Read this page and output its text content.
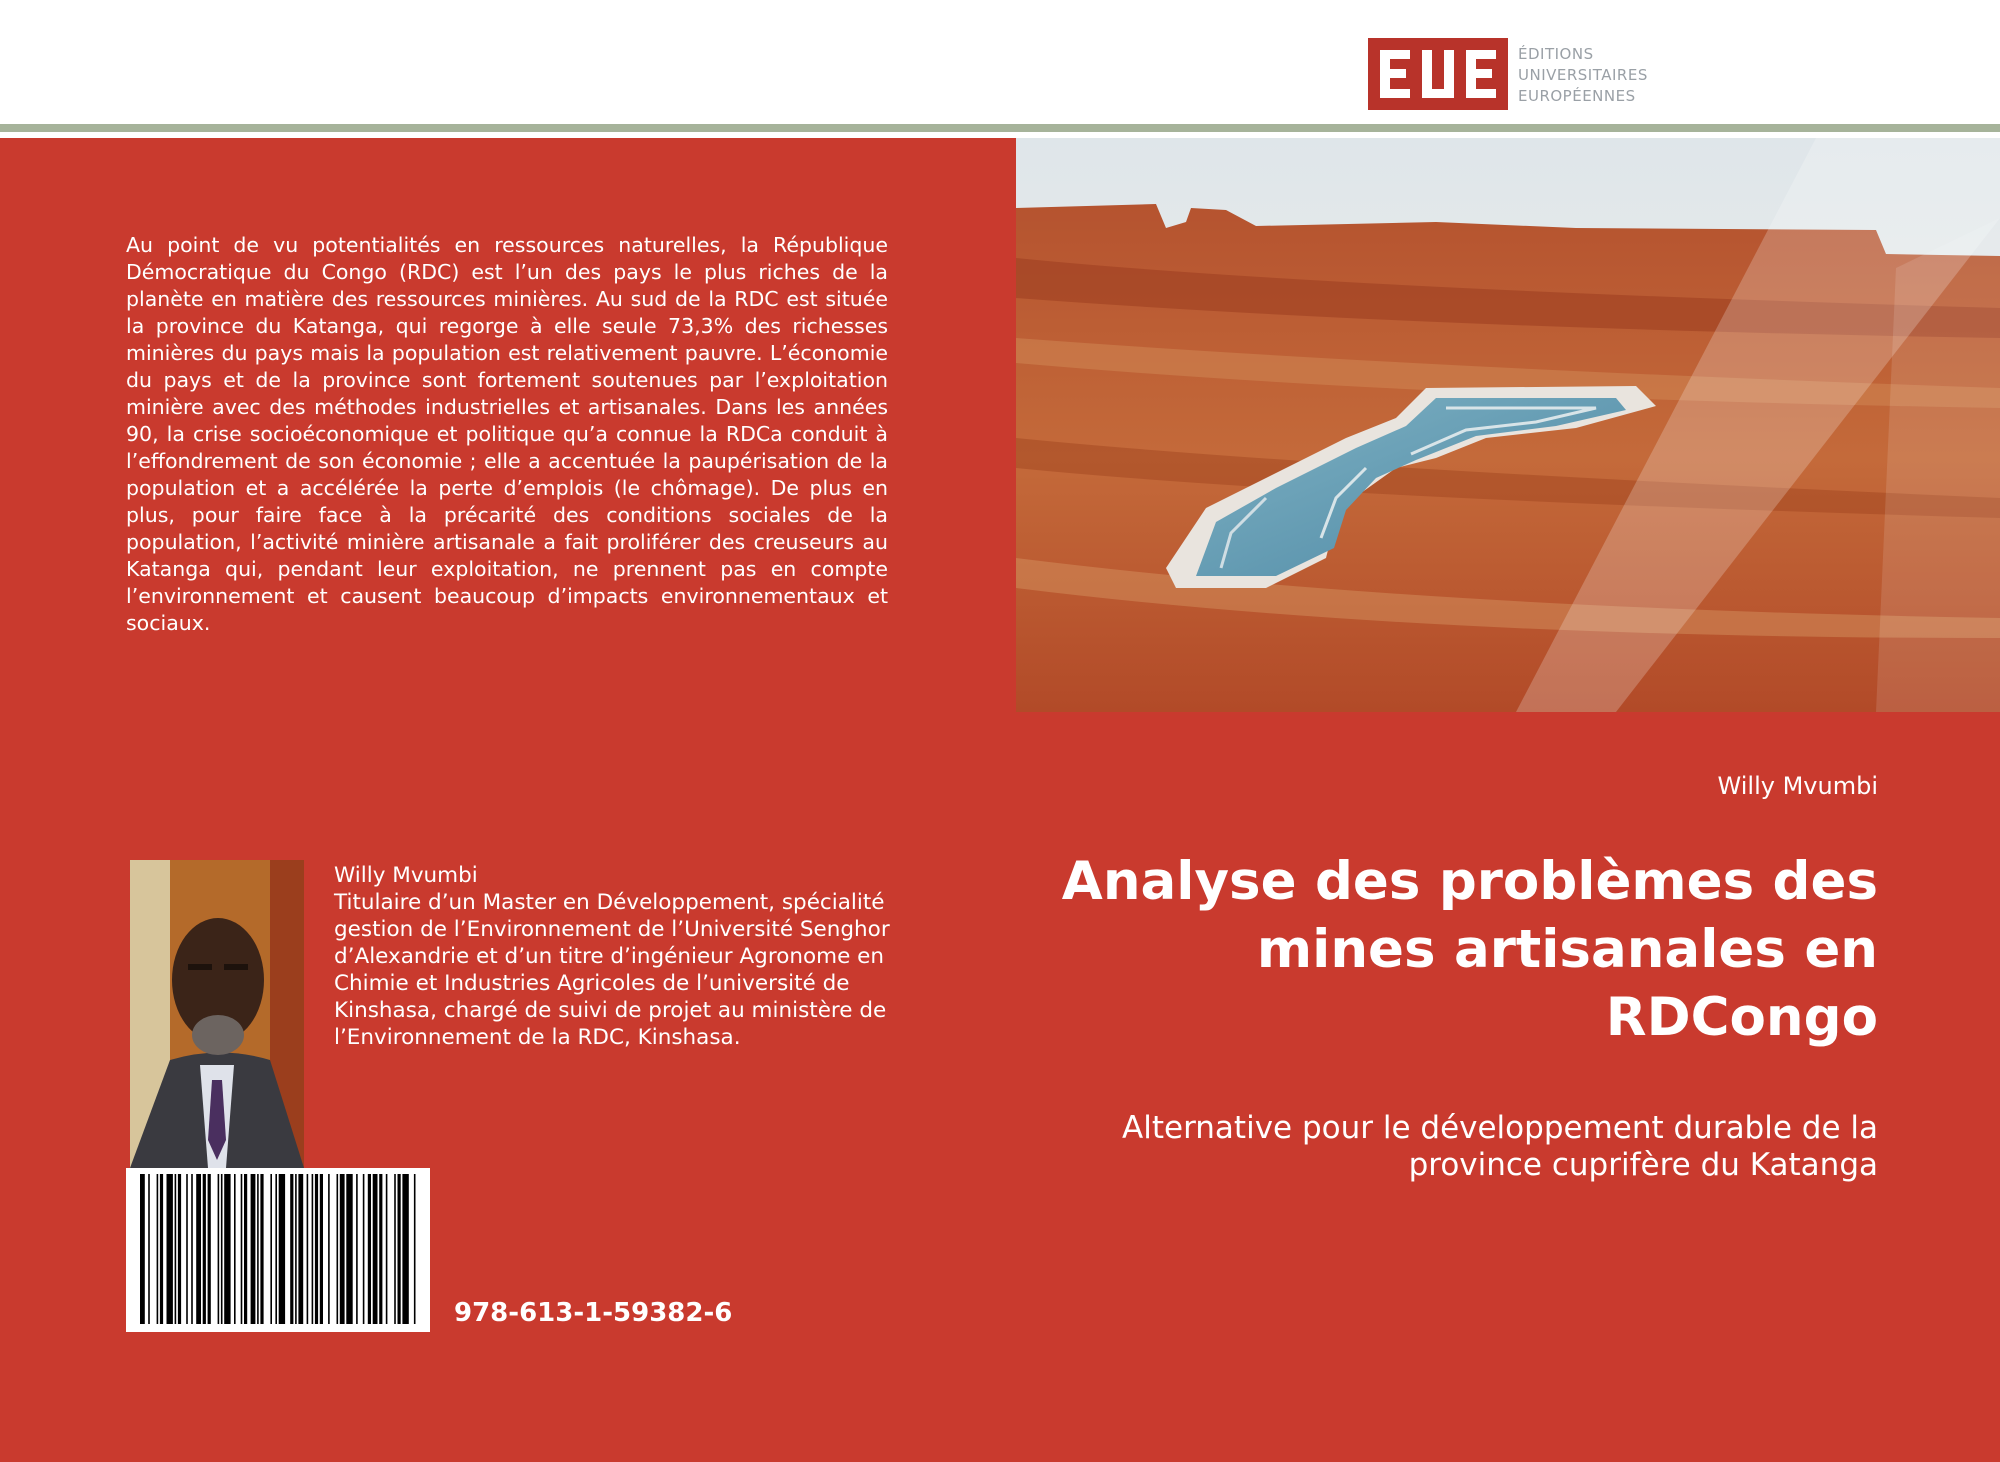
ÉDITIONS
UNIVERSITAIRES
EUROPÉENNES
Au point de vu potentialités en ressources naturelles, la République Démocratique du Congo (RDC) est l’un des pays le plus riches de la planète en matière des ressources minières. Au sud de la RDC est située la province du Katanga, qui regorge à elle seule 73,3% des richesses minières du pays mais la population est relativement pauvre. L’économie du pays et de la province sont fortement soutenues par l’exploitation minière avec des méthodes industrielles et artisanales. Dans les années 90, la crise socioéconomique et politique qu’a connue la RDCa conduit à l’effondrement de son économie ; elle a accentuée la paupérisation de la population et a accélérée la perte d’emplois (le chômage). De plus en plus, pour faire face à la précarité des conditions sociales de la population, l’activité minière artisanale a fait proliférer des creuseurs au Katanga qui, pendant leur exploitation, ne prennent pas en compte l’environnement et causent beaucoup d’impacts environnementaux et sociaux.
Willy Mvumbi
Analyse des problèmes des mines artisanales en RDCongo
Alternative pour le développement durable de la province cuprifère du Katanga
Willy Mvumbi
Titulaire d’un Master en Développement, spécialité gestion de l’Environnement de l’Université Senghor d’Alexandrie et d’un titre d’ingénieur Agronome en Chimie et Industries Agricoles de l’université de Kinshasa, chargé de suivi de projet au ministère de l’Environnement de la RDC, Kinshasa.
978-613-1-59382-6
